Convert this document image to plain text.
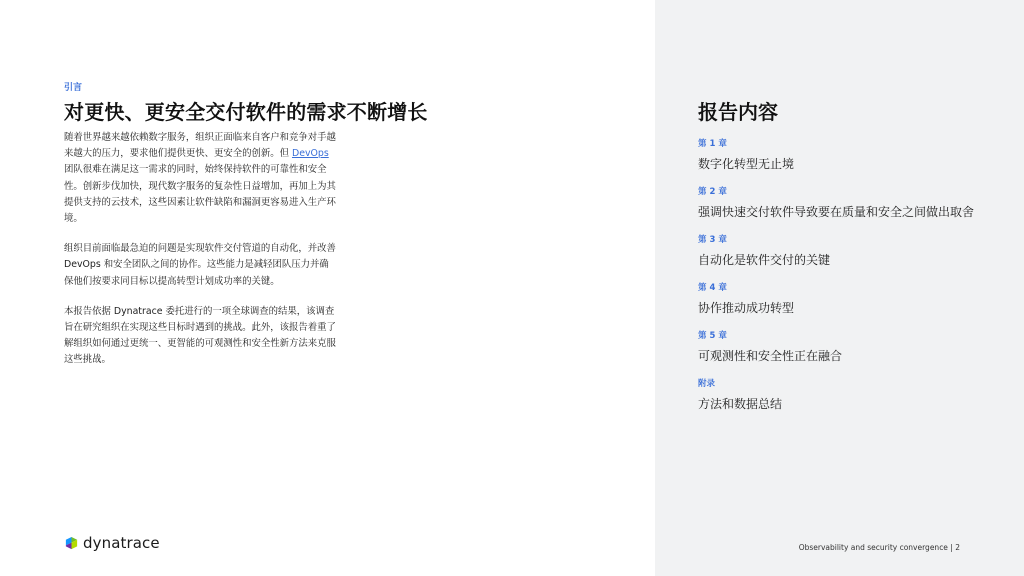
引言
对更快、更安全交付软件的需求不断增长

随着世界越来越依赖数字服务，组织正面临来自客户和竞争对手越来越大的压力，要求他们提供更快、更安全的创新。但 DevOps 团队很难在满足这一需求的同时，始终保持软件的可靠性和安全性。创新步伐加快，现代数字服务的复杂性日益增加，再加上为其提供支持的云技术，这些因素让软件缺陷和漏洞更容易进入生产环境。

组织目前面临最急迫的问题是实现软件交付管道的自动化，并改善 DevOps 和安全团队之间的协作。这些能力是减轻团队压力并确保他们按要求同目标以提高转型计划成功率的关键。

本报告依据 Dynatrace 委托进行的一项全球调查的结果，该调查旨在研究组织在实现这些目标时遇到的挑战。此外，该报告着重了解组织如何通过更统一、更智能的可观测性和安全性新方法来克服这些挑战。

报告内容
第 1 章
数字化转型无止境
第 2 章
强调快速交付软件导致要在质量和安全之间做出取舍
第 3 章
自动化是软件交付的关键
第 4 章
协作推动成功转型
第 5 章
可观测性和安全性正在融合
附录
方法和数据总结
dynatrace	Observability and security convergence | 2
